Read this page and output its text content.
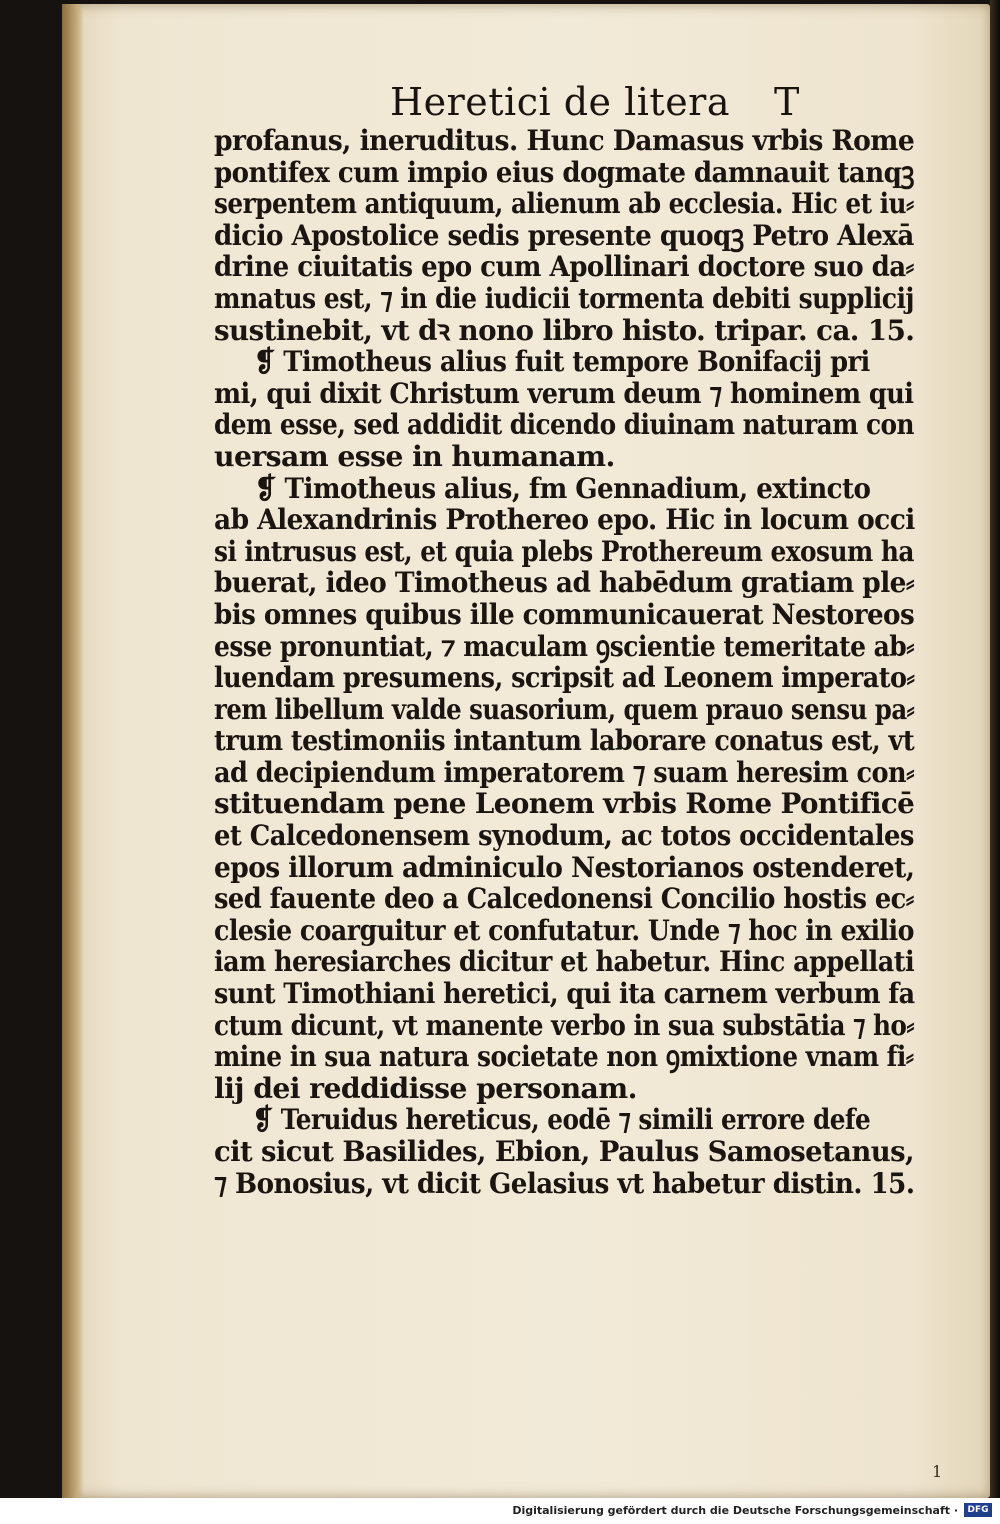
Heretici de litera T
profanus, ineruditus. Hunc Damasus vrbis Rome
pontifex cum impio eius dogmate damnauit tanqꝫ
serpentem antiquum, alienum ab ecclesia. Hic et iu⸗
dicio Apostolice sedis presente quoqꝫ Petro Alexā
drine ciuitatis epo cum Apollinari doctore suo da⸗
mnatus est, ⁊ in die iudicii tormenta debiti supplicij
sustinebit, vt dꝛ nono libro histo. tripar. ca. 15.
❡ Timotheus alius fuit tempore Bonifacij pri
mi, qui dixit Christum verum deum ⁊ hominem qui
dem esse, sed addidit dicendo diuinam naturam con
uersam esse in humanam.
❡ Timotheus alius, fm Gennadium, extincto
ab Alexandrinis Prothereo epo. Hic in locum occi
si intrusus est, et quia plebs Prothereum exosum ha
buerat, ideo Timotheus ad habēdum gratiam ple⸗
bis omnes quibus ille communicauerat Nestoreos
esse pronuntiat, ⁊ maculam ꝯscientie temeritate ab⸗
luendam presumens, scripsit ad Leonem imperato⸗
rem libellum valde suasorium, quem prauo sensu pa⸗
trum testimoniis intantum laborare conatus est, vt
ad decipiendum imperatorem ⁊ suam heresim con⸗
stituendam pene Leonem vrbis Rome Pontificē
et Calcedonensem synodum, ac totos occidentales
epos illorum adminiculo Nestorianos ostenderet,
sed fauente deo a Calcedonensi Concilio hostis ec⸗
clesie coarguitur et confutatur. Unde ⁊ hoc in exilio
iam heresiarches dicitur et habetur. Hinc appellati
sunt Timothiani heretici, qui ita carnem verbum fa
ctum dicunt, vt manente verbo in sua substātia ⁊ ho⸗
mine in sua natura societate non ꝯmixtione vnam fi⸗
lij dei reddidisse personam.
❡ Teruidus hereticus, eodē ⁊ simili errore defe
cit sicut Basilides, Ebion, Paulus Samosetanus,
⁊ Bonosius, vt dicit Gelasius vt habetur distin. 15.
1
Digitalisierung gefördert durch die Deutsche Forschungsgemeinschaft ·	DFG
